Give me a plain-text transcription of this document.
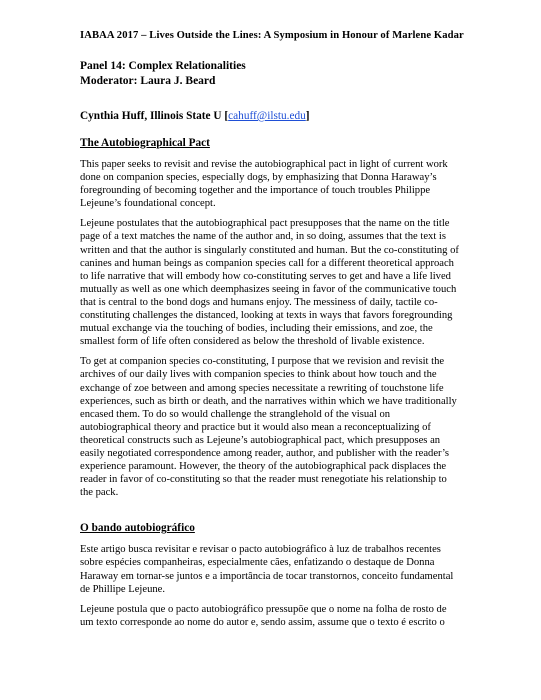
IABAA 2017 – Lives Outside the Lines: A Symposium in Honour of Marlene Kadar
Panel 14: Complex Relationalities
Moderator: Laura J. Beard
Cynthia Huff, Illinois State U [cahuff@ilstu.edu]
The Autobiographical Pact

This paper seeks to revisit and revise the autobiographical pact in light of current work done on companion species, especially dogs, by emphasizing that Donna Haraway’s foregrounding of becoming together and the importance of touch troubles Philippe Lejeune’s foundational concept.

Lejeune postulates that the autobiographical pact presupposes that the name on the title page of a text matches the name of the author and, in so doing, assumes that the text is written and that the author is singularly constituted and human. But the co-constituting of canines and human beings as companion species call for a different theoretical approach to life narrative that will embody how co-constituting serves to get and have a life lived mutually as well as one which deemphasizes seeing in favor of the communicative touch that is central to the bond dogs and humans enjoy. The messiness of daily, tactile co-constituting challenges the distanced, looking at texts in ways that favors foregrounding mutual exchange via the touching of bodies, including their emissions, and zoe, the smallest form of life often considered as below the threshold of livable existence.

To get at companion species co-constituting, I purpose that we revision and revisit the archives of our daily lives with companion species to think about how touch and the exchange of zoe between and among species necessitate a rewriting of touchstone life experiences, such as birth or death, and the narratives within which we have traditionally encased them. To do so would challenge the stranglehold of the visual on autobiographical theory and practice but it would also mean a reconceptualizing of theoretical constructs such as Lejeune’s autobiographical pact, which presupposes an easily negotiated correspondence among reader, author, and publisher with the reader’s experience paramount. However, the theory of the autobiographical pack displaces the reader in favor of co-constituting so that the reader must renegotiate his relationship to the pack.

O bando autobiográfico

Este artigo busca revisitar e revisar o pacto autobiográfico à luz de trabalhos recentes sobre espécies companheiras, especialmente cães, enfatizando o destaque de Donna Haraway em tornar-se juntos e a importância de tocar transtornos, conceito fundamental de Phillipe Lejeune.

Lejeune postula que o pacto autobiográfico pressupõe que o nome na folha de rosto de um texto corresponde ao nome do autor e, sendo assim, assume que o texto é escrito o
